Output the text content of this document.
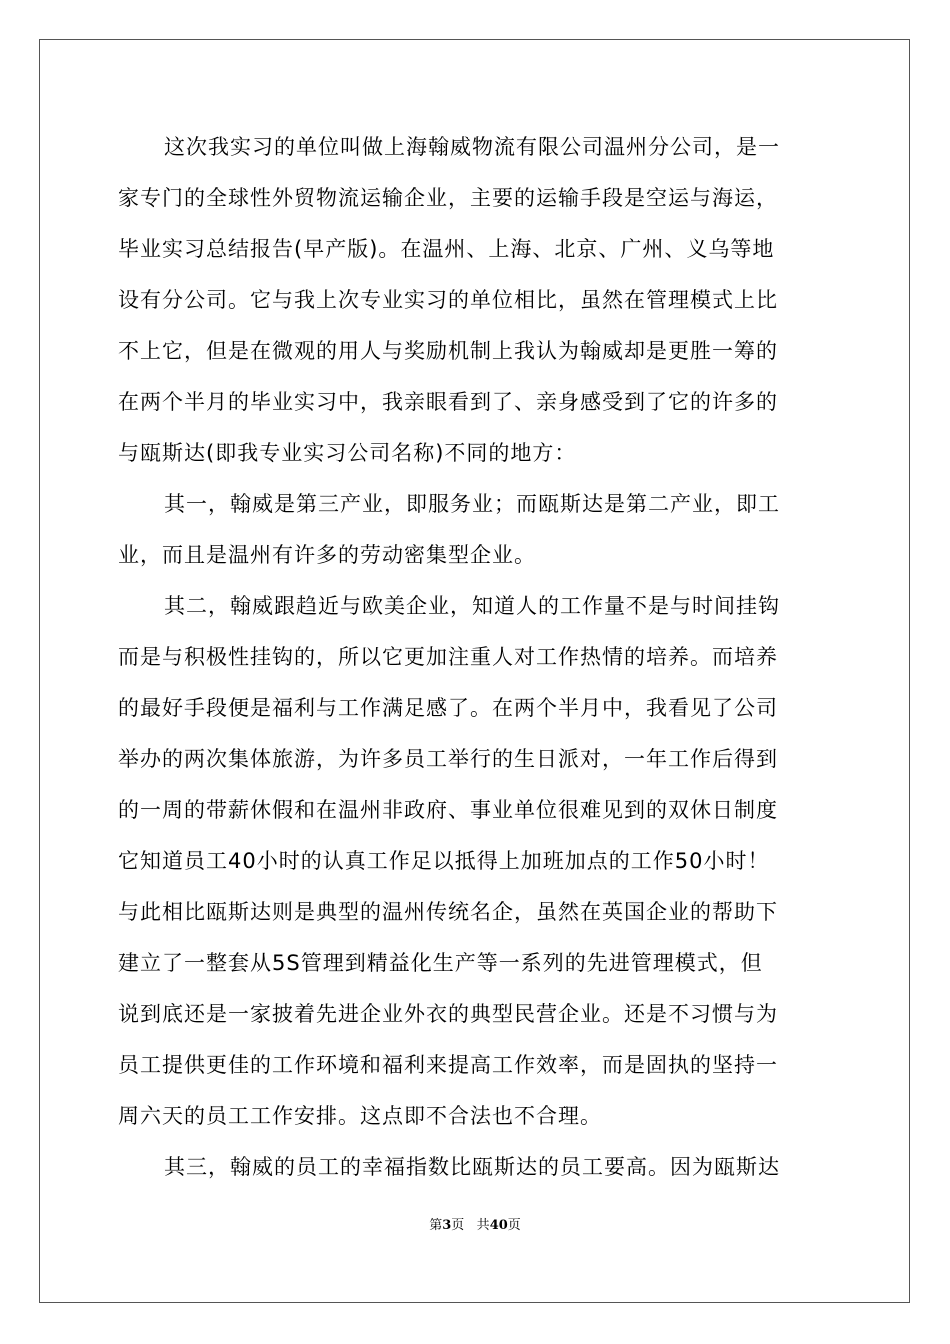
这次我实习的单位叫做上海翰威物流有限公司温州分公司，是一
家专门的全球性外贸物流运输企业，主要的运输手段是空运与海运，
毕业实习总结报告(早产版)。在温州、上海、北京、广州、义乌等地
设有分公司。它与我上次专业实习的单位相比，虽然在管理模式上比
不上它，但是在微观的用人与奖励机制上我认为翰威却是更胜一筹的
在两个半月的毕业实习中，我亲眼看到了、亲身感受到了它的许多的
与瓯斯达(即我专业实习公司名称)不同的地方：
其一，翰威是第三产业，即服务业；而瓯斯达是第二产业，即工
业，而且是温州有许多的劳动密集型企业。
其二，翰威跟趋近与欧美企业，知道人的工作量不是与时间挂钩
而是与积极性挂钩的，所以它更加注重人对工作热情的培养。而培养
的最好手段便是福利与工作满足感了。在两个半月中，我看见了公司
举办的两次集体旅游，为许多员工举行的生日派对，一年工作后得到
的一周的带薪休假和在温州非政府、事业单位很难见到的双休日制度
它知道员工40小时的认真工作足以抵得上加班加点的工作50小时！
与此相比瓯斯达则是典型的温州传统名企，虽然在英国企业的帮助下
建立了一整套从5S管理到精益化生产等一系列的先进管理模式，但
说到底还是一家披着先进企业外衣的典型民营企业。还是不习惯与为
员工提供更佳的工作环境和福利来提高工作效率，而是固执的坚持一
周六天的员工工作安排。这点即不合法也不合理。
其三，翰威的员工的幸福指数比瓯斯达的员工要高。因为瓯斯达
第3页 共40页
